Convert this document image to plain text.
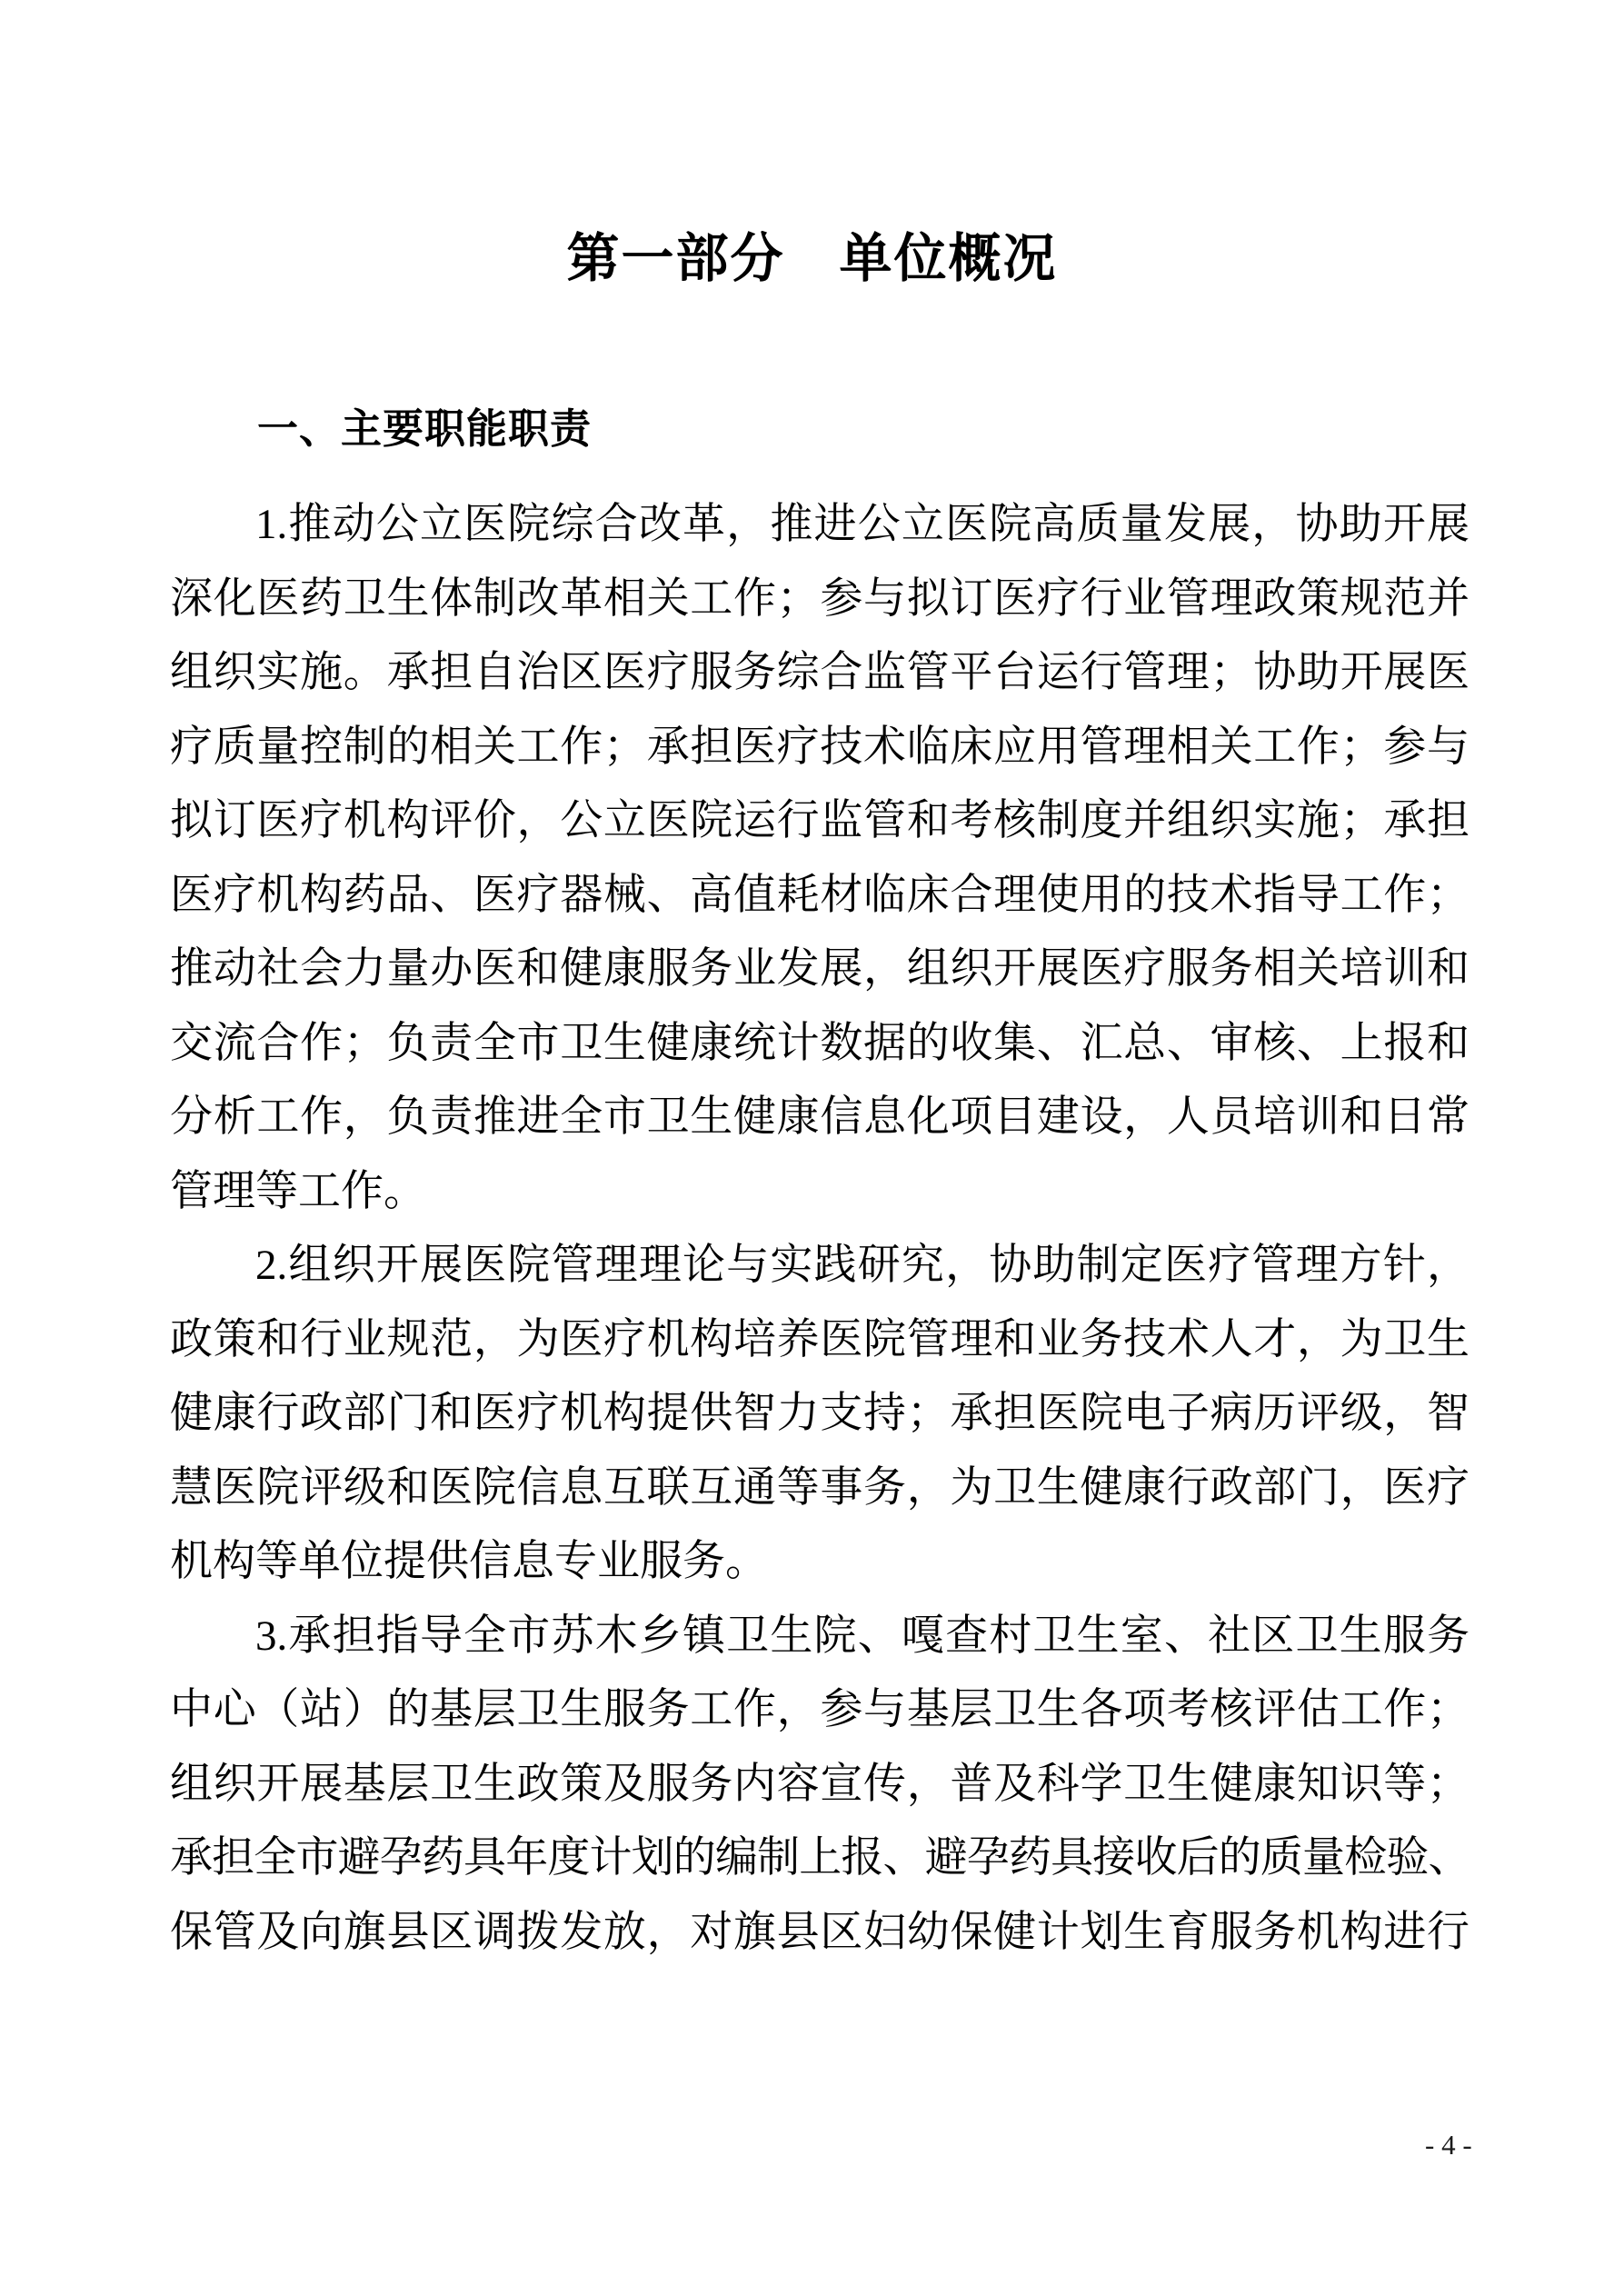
第一部分　单位概况
一、主要职能职责
1.推动公立医院综合改革，推进公立医院高质量发展，协助开展
深化医药卫生体制改革相关工作；参与拟订医疗行业管理政策规范并
组织实施。承担自治区医疗服务综合监管平台运行管理；协助开展医
疗质量控制的相关工作；承担医疗技术临床应用管理相关工作；参与
拟订医疗机构评价，公立医院运行监管和考核制度并组织实施；承担
医疗机构药品、医疗器械、高值耗材临床合理使用的技术指导工作；
推动社会力量办医和健康服务业发展，组织开展医疗服务相关培训和
交流合作；负责全市卫生健康统计数据的收集、汇总、审核、上报和
分析工作，负责推进全市卫生健康信息化项目建设，人员培训和日常
管理等工作。
2.组织开展医院管理理论与实践研究，协助制定医疗管理方针，
政策和行业规范，为医疗机构培养医院管理和业务技术人才，为卫生
健康行政部门和医疗机构提供智力支持；承担医院电子病历评级，智
慧医院评级和医院信息互联互通等事务，为卫生健康行政部门，医疗
机构等单位提供信息专业服务。
3.承担指导全市苏木乡镇卫生院、嘎查村卫生室、社区卫生服务
中心（站）的基层卫生服务工作，参与基层卫生各项考核评估工作；
组织开展基层卫生政策及服务内容宣传，普及科学卫生健康知识等；
承担全市避孕药具年度计划的编制上报、避孕药具接收后的质量检验、
保管及向旗县区调拨发放，对旗县区妇幼保健计划生育服务机构进行
- 4 -
